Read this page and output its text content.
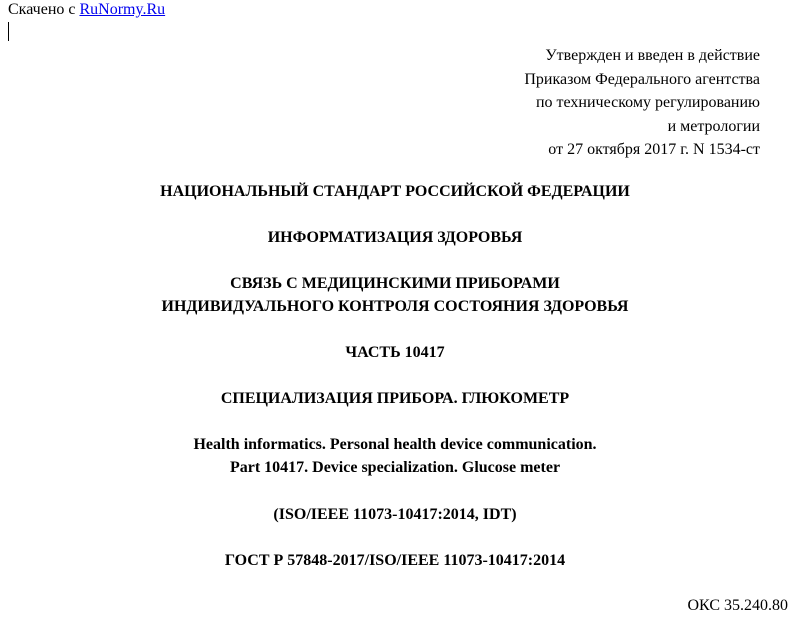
Скачено с RuNormy.Ru
Утвержден и введен в действие
Приказом Федерального агентства
по техническому регулированию
и метрологии
от 27 октября 2017 г. N 1534-ст
НАЦИОНАЛЬНЫЙ СТАНДАРТ РОССИЙСКОЙ ФЕДЕРАЦИИ
ИНФОРМАТИЗАЦИЯ ЗДОРОВЬЯ
СВЯЗЬ С МЕДИЦИНСКИМИ ПРИБОРАМИ
ИНДИВИДУАЛЬНОГО КОНТРОЛЯ СОСТОЯНИЯ ЗДОРОВЬЯ
ЧАСТЬ 10417
СПЕЦИАЛИЗАЦИЯ ПРИБОРА. ГЛЮКОМЕТР
Health informatics. Personal health device communication.
Part 10417. Device specialization. Glucose meter
(ISO/IEEE 11073-10417:2014, IDT)
ГОСТ Р 57848-2017/ISO/IEEE 11073-10417:2014
ОКС 35.240.80
